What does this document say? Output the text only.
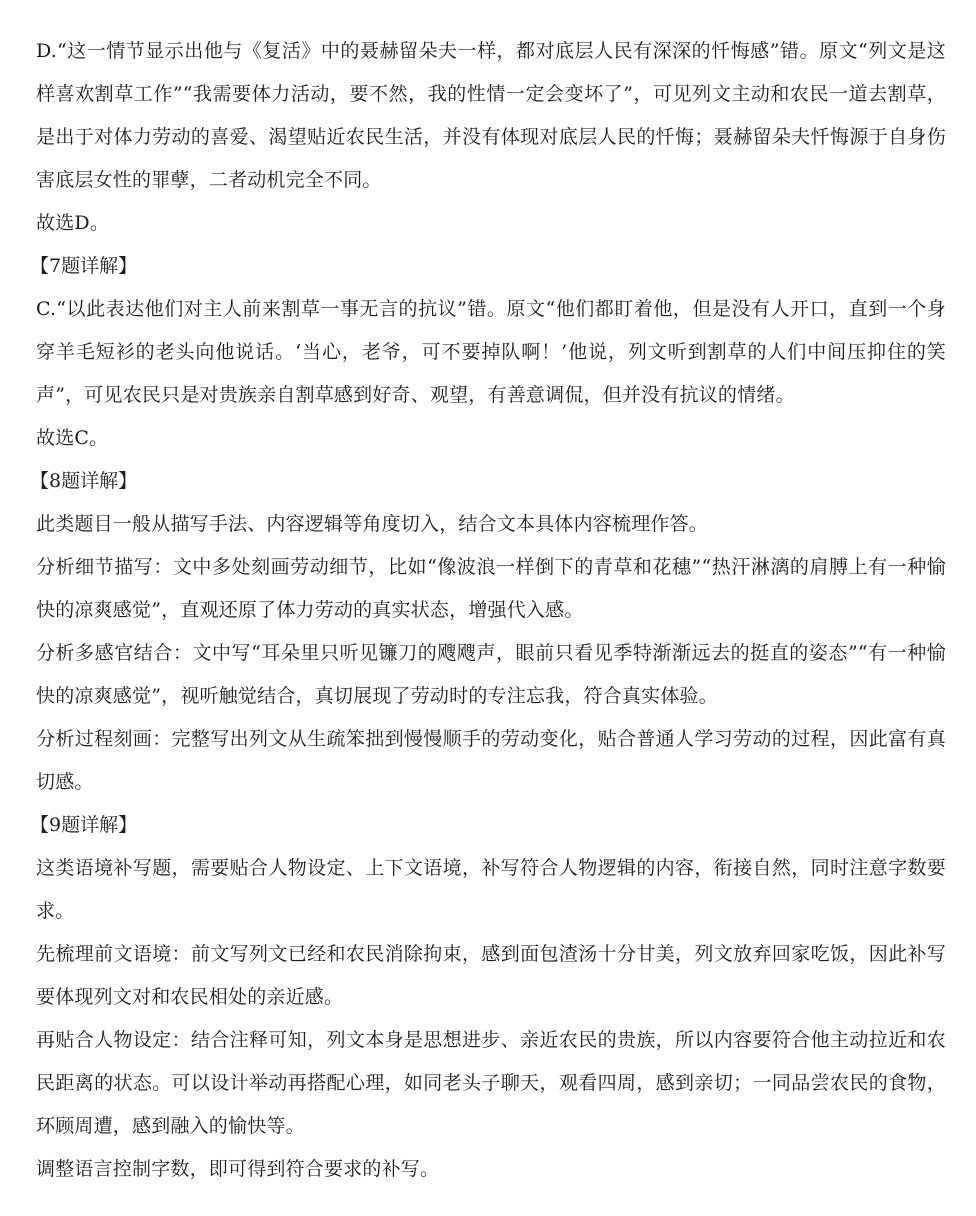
D.“这一情节显示出他与《复活》中的聂赫留朵夫一样，都对底层人民有深深的忏悔感”错。原文“列文是这样喜欢割草工作”“我需要体力活动，要不然，我的性情一定会变坏了”，可见列文主动和农民一道去割草，是出于对体力劳动的喜爱、渴望贴近农民生活，并没有体现对底层人民的忏悔；聂赫留朵夫忏悔源于自身伤害底层女性的罪孽，二者动机完全不同。

故选D。

【7题详解】

C.“以此表达他们对主人前来割草一事无言的抗议”错。原文“他们都盯着他，但是没有人开口，直到一个身穿羊毛短衫的老头向他说话。‘当心，老爷，可不要掉队啊！’他说，列文听到割草的人们中间压抑住的笑声”，可见农民只是对贵族亲自割草感到好奇、观望，有善意调侃，但并没有抗议的情绪。

故选C。

【8题详解】

此类题目一般从描写手法、内容逻辑等角度切入，结合文本具体内容梳理作答。

分析细节描写：文中多处刻画劳动细节，比如“像波浪一样倒下的青草和花穗”“热汗淋漓的肩膊上有一种愉快的凉爽感觉”，直观还原了体力劳动的真实状态，增强代入感。

分析多感官结合：文中写“耳朵里只听见镰刀的飕飕声，眼前只看见季特渐渐远去的挺直的姿态”“有一种愉快的凉爽感觉”，视听触觉结合，真切展现了劳动时的专注忘我，符合真实体验。

分析过程刻画：完整写出列文从生疏笨拙到慢慢顺手的劳动变化，贴合普通人学习劳动的过程，因此富有真切感。

【9题详解】

这类语境补写题，需要贴合人物设定、上下文语境，补写符合人物逻辑的内容，衔接自然，同时注意字数要求。

先梳理前文语境：前文写列文已经和农民消除拘束，感到面包渣汤十分甘美，列文放弃回家吃饭，因此补写要体现列文对和农民相处的亲近感。

再贴合人物设定：结合注释可知，列文本身是思想进步、亲近农民的贵族，所以内容要符合他主动拉近和农民距离的状态。可以设计举动再搭配心理，如同老头子聊天，观看四周，感到亲切；一同品尝农民的食物，环顾周遭，感到融入的愉快等。

调整语言控制字数，即可得到符合要求的补写。
